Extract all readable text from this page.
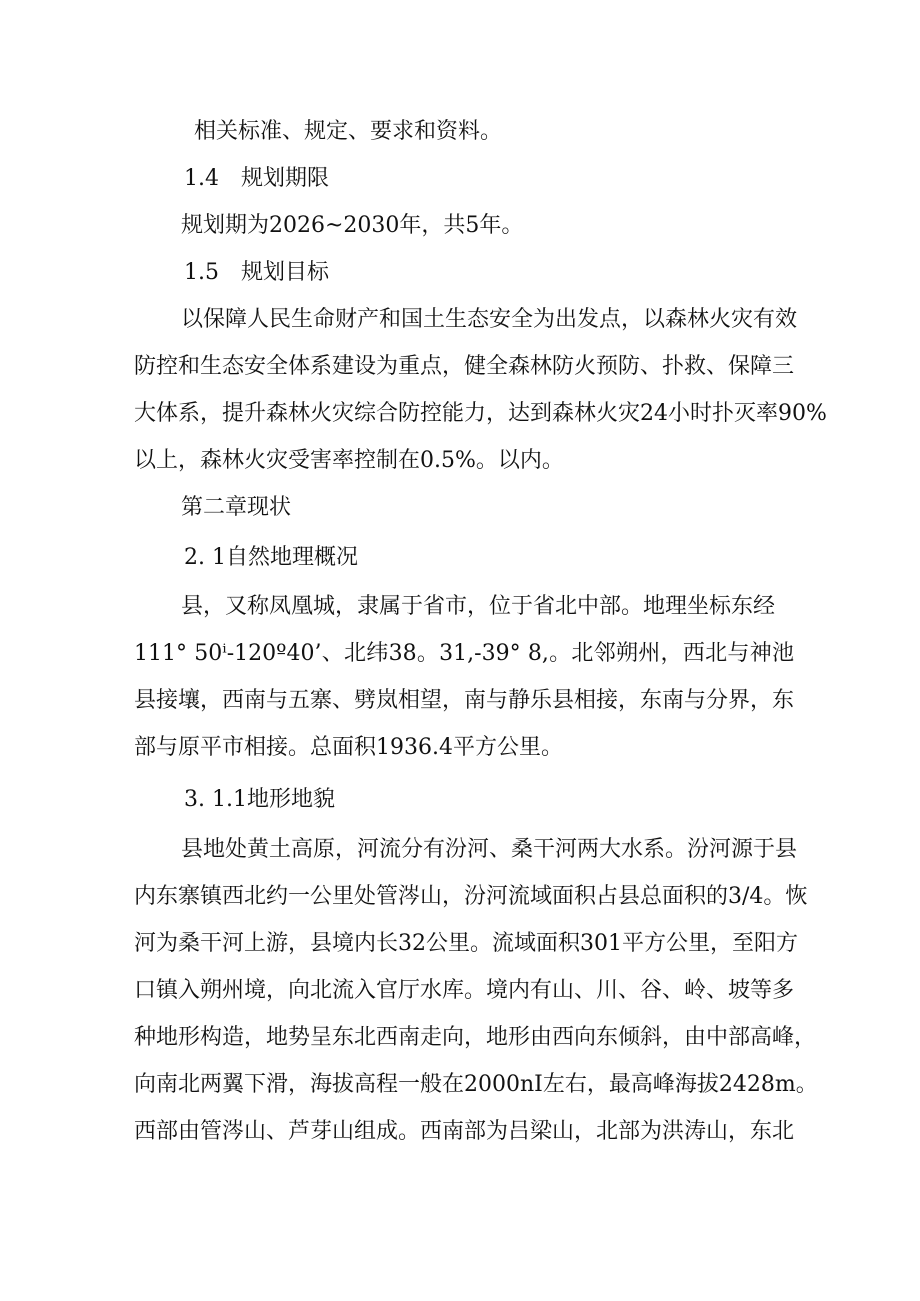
相关标准、规定、要求和资料。
1.4　规划期限
规划期为2026~2030年，共5年。
1.5　规划目标
以保障人民生命财产和国土生态安全为出发点，以森林火灾有效
防控和生态安全体系建设为重点，健全森林防火预防、扑救、保障三
大体系，提升森林火灾综合防控能力，达到森林火灾24小时扑灭率90%
以上，森林火灾受害率控制在0.5%。以内。
第二章现状
2. 1自然地理概况
县，又称凤凰城，隶属于省市，位于省北中部。地理坐标东经
111° 50ⁱ-120º40’、北纬38。31,-39° 8,。北邻朔州，西北与神池
县接壤，西南与五寨、劈岚相望，南与静乐县相接，东南与分界，东
部与原平市相接。总面积1936.4平方公里。
3. 1.1地形地貌
县地处黄土高原，河流分有汾河、桑干河两大水系。汾河源于县
内东寨镇西北约一公里处管涔山，汾河流域面积占县总面积的3/4。恢
河为桑干河上游，县境内长32公里。流域面积301平方公里，至阳方
口镇入朔州境，向北流入官厅水库。境内有山、川、谷、岭、坡等多
种地形构造，地势呈东北西南走向，地形由西向东倾斜，由中部高峰，
向南北两翼下滑，海拔高程一般在2000nI左右，最高峰海拔2428m。
西部由管涔山、芦芽山组成。西南部为吕梁山，北部为洪涛山，东北
